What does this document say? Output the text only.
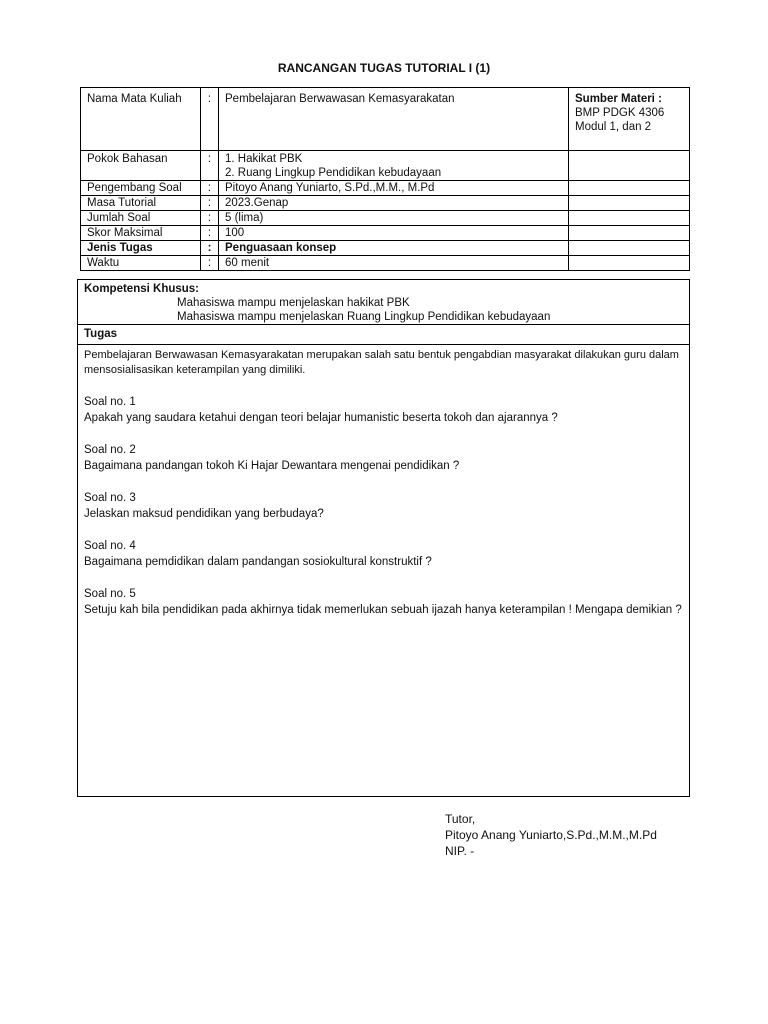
RANCANGAN TUGAS TUTORIAL I (1)
Nama Mata Kuliah	:	Pembelajaran Berwawasan Kemasyarakatan	Sumber Materi :
BMP PDGK 4306
Modul 1, dan 2

Pokok Bahasan	:	1. Hakikat PBK
2. Ruang Lingkup Pendidikan kebudayaan	

Pengembang Soal	:	Pitoyo Anang Yuniarto, S.Pd.,M.M., M.Pd	
Masa Tutorial	:	2023.Genap	
Jumlah Soal	:	5 (lima)	
Skor Maksimal	:	100	
Jenis Tugas	:	Penguasaan konsep	
Waktu	:	60 menit	
Kompetensi Khusus:
Mahasiswa mampu menjelaskan hakikat PBK
Mahasiswa mampu menjelaskan Ruang Lingkup Pendidikan kebudayaan
Tugas
Pembelajaran Berwawasan Kemasyarakatan merupakan salah satu bentuk pengabdian masyarakat dilakukan guru dalam mensosialisasikan keterampilan yang dimiliki.
Soal no. 1
Apakah yang saudara ketahui dengan teori belajar humanistic beserta tokoh dan ajarannya ?
Soal no. 2
Bagaimana pandangan tokoh Ki Hajar Dewantara mengenai pendidikan ?
Soal no. 3
Jelaskan maksud pendidikan yang berbudaya?
Soal no. 4
Bagaimana pemdidikan dalam pandangan sosiokultural konstruktif ?
Soal no. 5
Setuju kah bila pendidikan pada akhirnya tidak memerlukan sebuah ijazah hanya keterampilan ! Mengapa demikian ?
Tutor,
Pitoyo Anang Yuniarto,S.Pd.,M.M.,M.Pd
NIP. -
